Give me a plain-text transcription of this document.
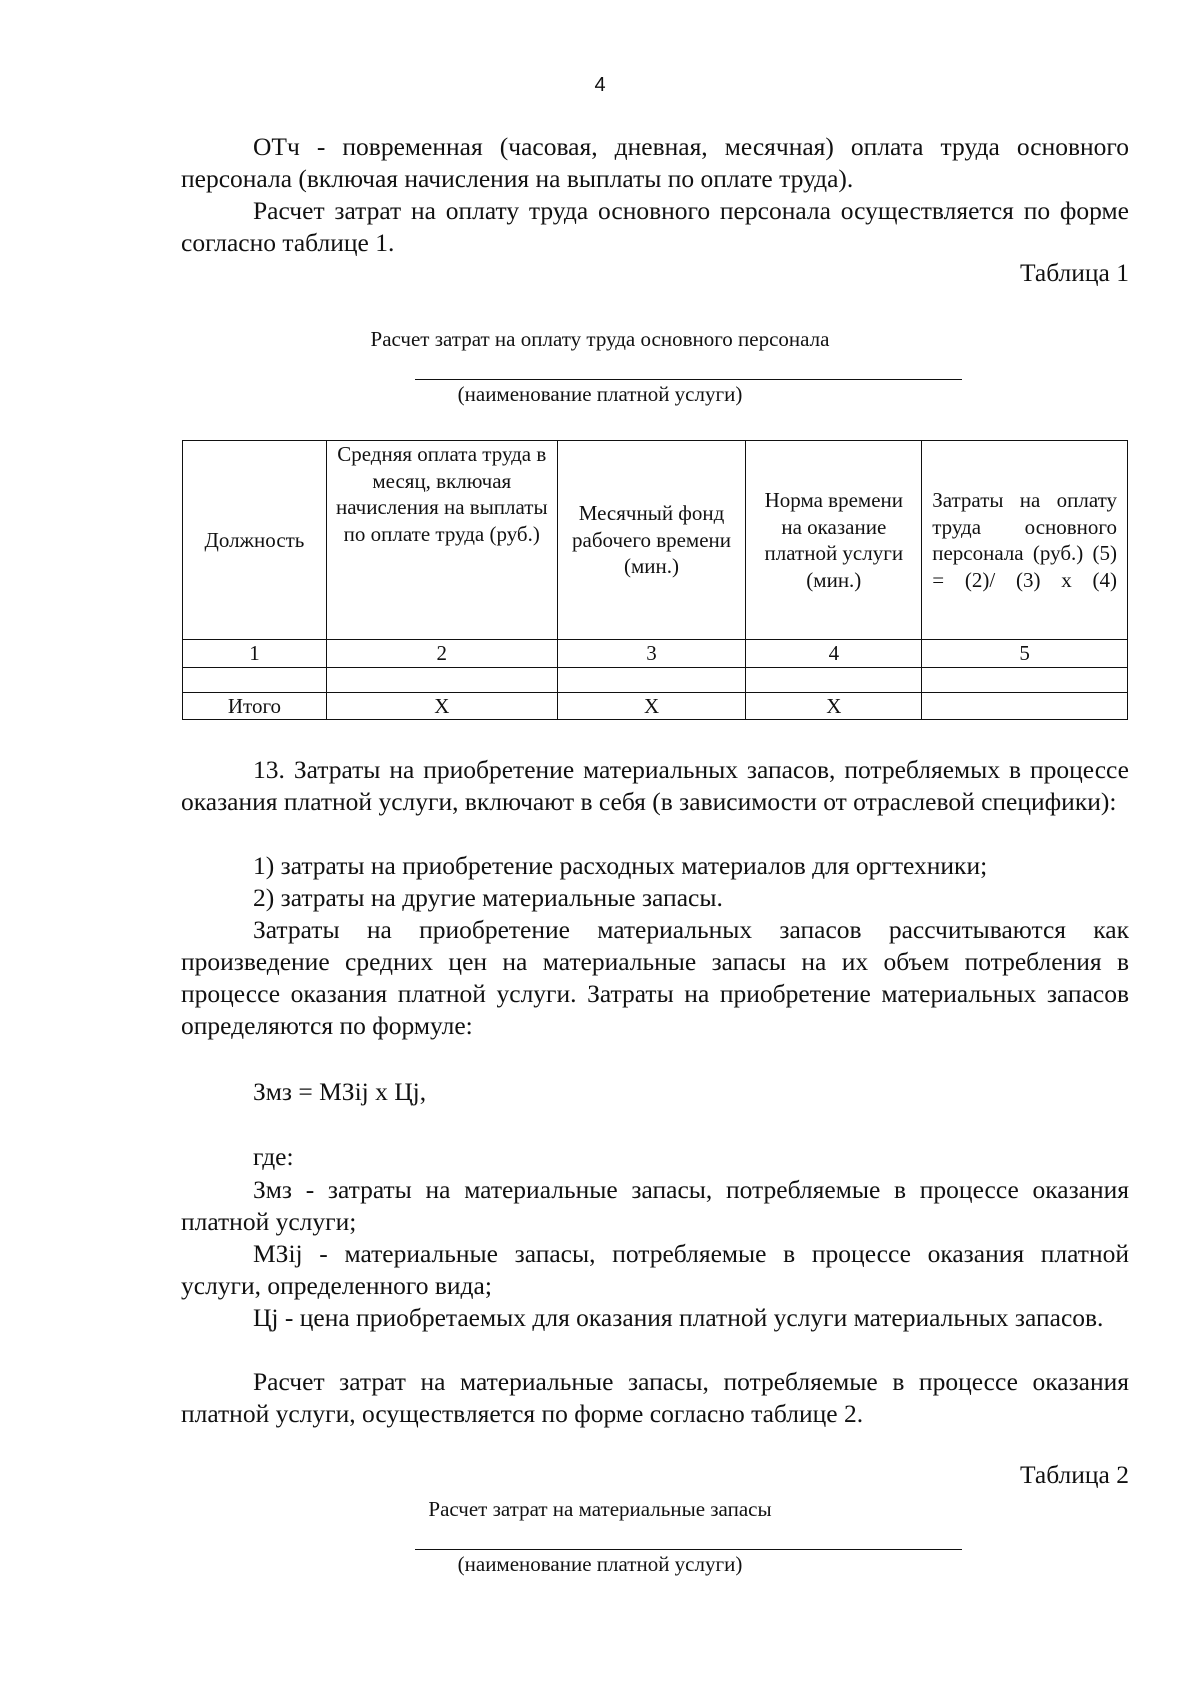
4

ОТч - повременная (часовая, дневная, месячная) оплата труда основного персонала (включая начисления на выплаты по оплате труда).

Расчет затрат на оплату труда основного персонала осуществляется по форме согласно таблице 1.

Таблица 1
Расчет затрат на оплату труда основного персонала
(наименование платной услуги)
Должность	Средняя оплата труда в месяц, включая начисления на выплаты по оплате труда (руб.)	Месячный фонд рабочего времени (мин.)	Норма времени на оказание платной услуги (мин.)	Затраты на оплату труда основного персонала (руб.) (5) = (2)/ (3) х (4)
1	2	3	4	5

Итого	Х	Х	Х	

13. Затраты на приобретение материальных запасов, потребляемых в процессе оказания платной услуги, включают в себя (в зависимости от отраслевой специфики):

1) затраты на приобретение расходных материалов для оргтехники;

2) затраты на другие материальные запасы.

Затраты на приобретение материальных запасов рассчитываются как произведение средних цен на материальные запасы на их объем потребления в процессе оказания платной услуги. Затраты на приобретение материальных запасов определяются по формуле:

Змз = МЗij х Цj,
где:

Змз - затраты на материальные запасы, потребляемые в процессе оказания платной услуги;

МЗij - материальные запасы, потребляемые в процессе оказания платной услуги, определенного вида;

Цj - цена приобретаемых для оказания платной услуги материальных запасов.

Расчет затрат на материальные запасы, потребляемые в процессе оказания платной услуги, осуществляется по форме согласно таблице 2.

Таблица 2
Расчет затрат на материальные запасы
(наименование платной услуги)
